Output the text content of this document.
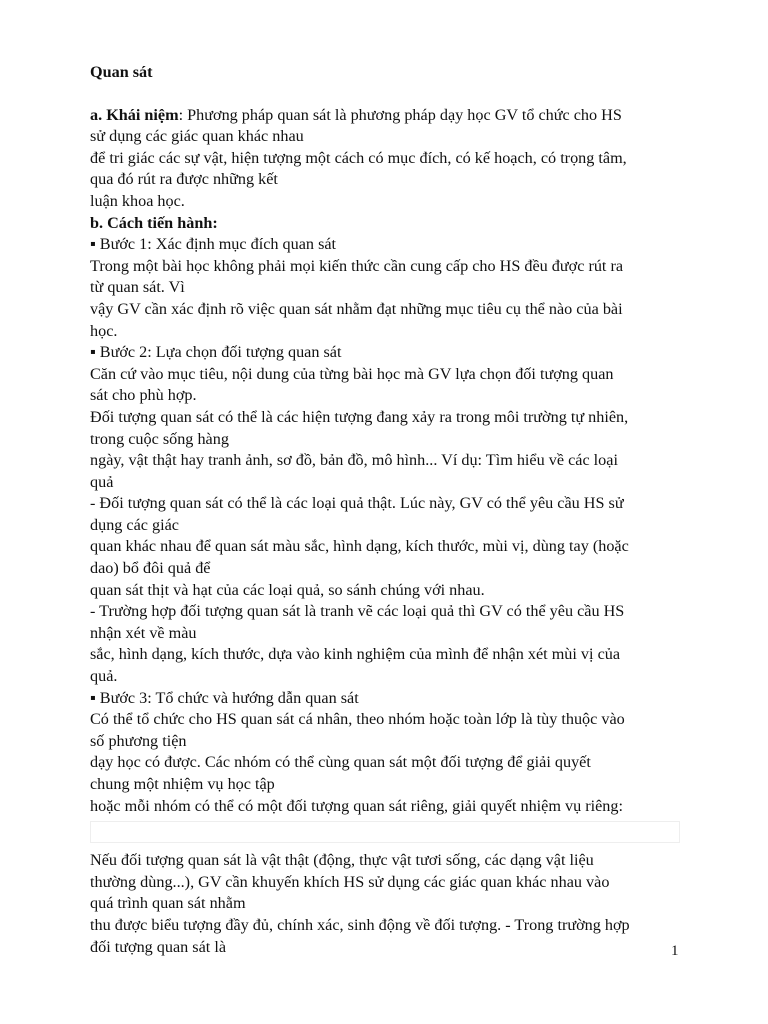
Quan sát
a. Khái niệm: Phương pháp quan sát là phương pháp dạy học GV tổ chức cho HS
sử dụng các giác quan khác nhau
để tri giác các sự vật, hiện tượng một cách có mục đích, có kế hoạch, có trọng tâm,
qua đó rút ra được những kết
luận khoa học.
b. Cách tiến hành:
▪ Bước 1: Xác định mục đích quan sát
Trong một bài học không phải mọi kiến thức cần cung cấp cho HS đều được rút ra
từ quan sát. Vì
vậy GV cần xác định rõ việc quan sát nhằm đạt những mục tiêu cụ thể nào của bài
học.
▪ Bước 2: Lựa chọn đối tượng quan sát
Căn cứ vào mục tiêu, nội dung của từng bài học mà GV lựa chọn đối tượng quan
sát cho phù hợp.
Đối tượng quan sát có thể là các hiện tượng đang xảy ra trong môi trường tự nhiên,
trong cuộc sống hàng
ngày, vật thật hay tranh ảnh, sơ đồ, bản đồ, mô hình... Ví dụ: Tìm hiểu về các loại
quả
- Đối tượng quan sát có thể là các loại quả thật. Lúc này, GV có thể yêu cầu HS sử
dụng các giác
quan khác nhau để quan sát màu sắc, hình dạng, kích thước, mùi vị, dùng tay (hoặc
dao) bổ đôi quả để
quan sát thịt và hạt của các loại quả, so sánh chúng với nhau.
- Trường hợp đối tượng quan sát là tranh vẽ các loại quả thì GV có thể yêu cầu HS
nhận xét về màu
sắc, hình dạng, kích thước, dựa vào kinh nghiệm của mình để nhận xét mùi vị của
quả.
▪ Bước 3: Tổ chức và hướng dẫn quan sát
Có thể tổ chức cho HS quan sát cá nhân, theo nhóm hoặc toàn lớp là tùy thuộc vào
số phương tiện
dạy học có được. Các nhóm có thể cùng quan sát một đối tượng để giải quyết
chung một nhiệm vụ học tập
hoặc mỗi nhóm có thể có một đối tượng quan sát riêng, giải quyết nhiệm vụ riêng:
Nếu đối tượng quan sát là vật thật (động, thực vật tươi sống, các dạng vật liệu
thường dùng...), GV cần khuyến khích HS sử dụng các giác quan khác nhau vào
quá trình quan sát nhằm
thu được biểu tượng đầy đủ, chính xác, sinh động về đối tượng. - Trong trường hợp
đối tượng quan sát là	1
